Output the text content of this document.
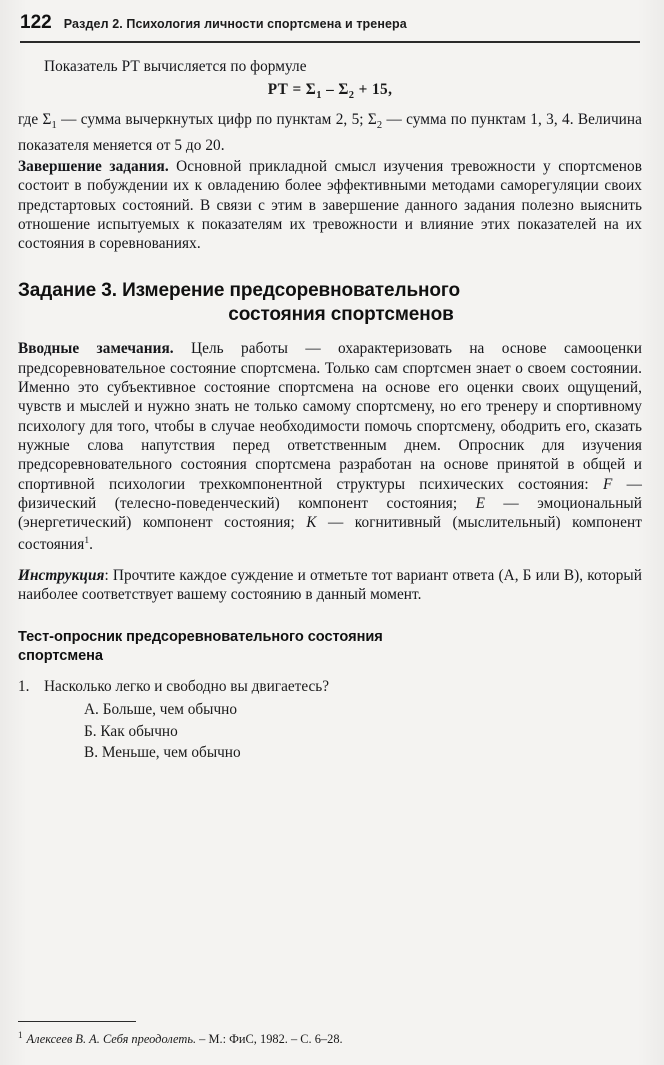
122 Раздел 2. Психология личности спортсмена и тренера

Показатель РТ вычисляется по формуле

РТ = $\Sigma_1 - \Sigma_2 + 15$,

где $\Sigma_1$ — сумма вычеркнутых цифр по пунктам 2, 5; $\Sigma_2$ — сумма по пунктам 1, 3, 4. Величина показателя меняется от 5 до 20.

Завершение задания. Основной прикладной смысл изучения тревожности у спортсменов состоит в побуждении их к овладению более эффективными методами саморегуляции своих предстартовых состояний. В связи с этим в завершение данного задания полезно выяснить отношение испытуемых к показателям их тревожности и влияние этих показателей на их состояния в соревнованиях.

Задание 3. Измерение предсоревновательного
состояния спортсменов

Вводные замечания. Цель работы — охарактеризовать на основе самооценки предсоревновательное состояние спортсмена. Только сам спортсмен знает о своем состоянии. Именно это субъективное состояние спортсмена на основе его оценки своих ощущений, чувств и мыслей и нужно знать не только самому спортсмену, но его тренеру и спортивному психологу для того, чтобы в случае необходимости помочь спортсмену, ободрить его, сказать нужные слова напутствия перед ответственным днем. Опросник для изучения предсоревновательного состояния спортсмена разработан на основе принятой в общей и спортивной психологии трехкомпонентной структуры психических состояния: F — физический (телесно-поведенческий) компонент состояния; E — эмоциональный (энергетический) компонент состояния; K — когнитивный (мыслительный) компонент состояния$^1$.

Инструкция: Прочтите каждое суждение и отметьте тот вариант ответа (А, Б или В), который наиболее соответствует вашему состоянию в данный момент.

Тест-опросник предсоревновательного состояния
спортсмена
1. Насколько легко и свободно вы двигаетесь?
А. Больше, чем обычно
Б. Как обычно
В. Меньше, чем обычно
$^1$ Алексеев В. А. Себя преодолеть. – М.: ФиС, 1982. – С. 6–28.
